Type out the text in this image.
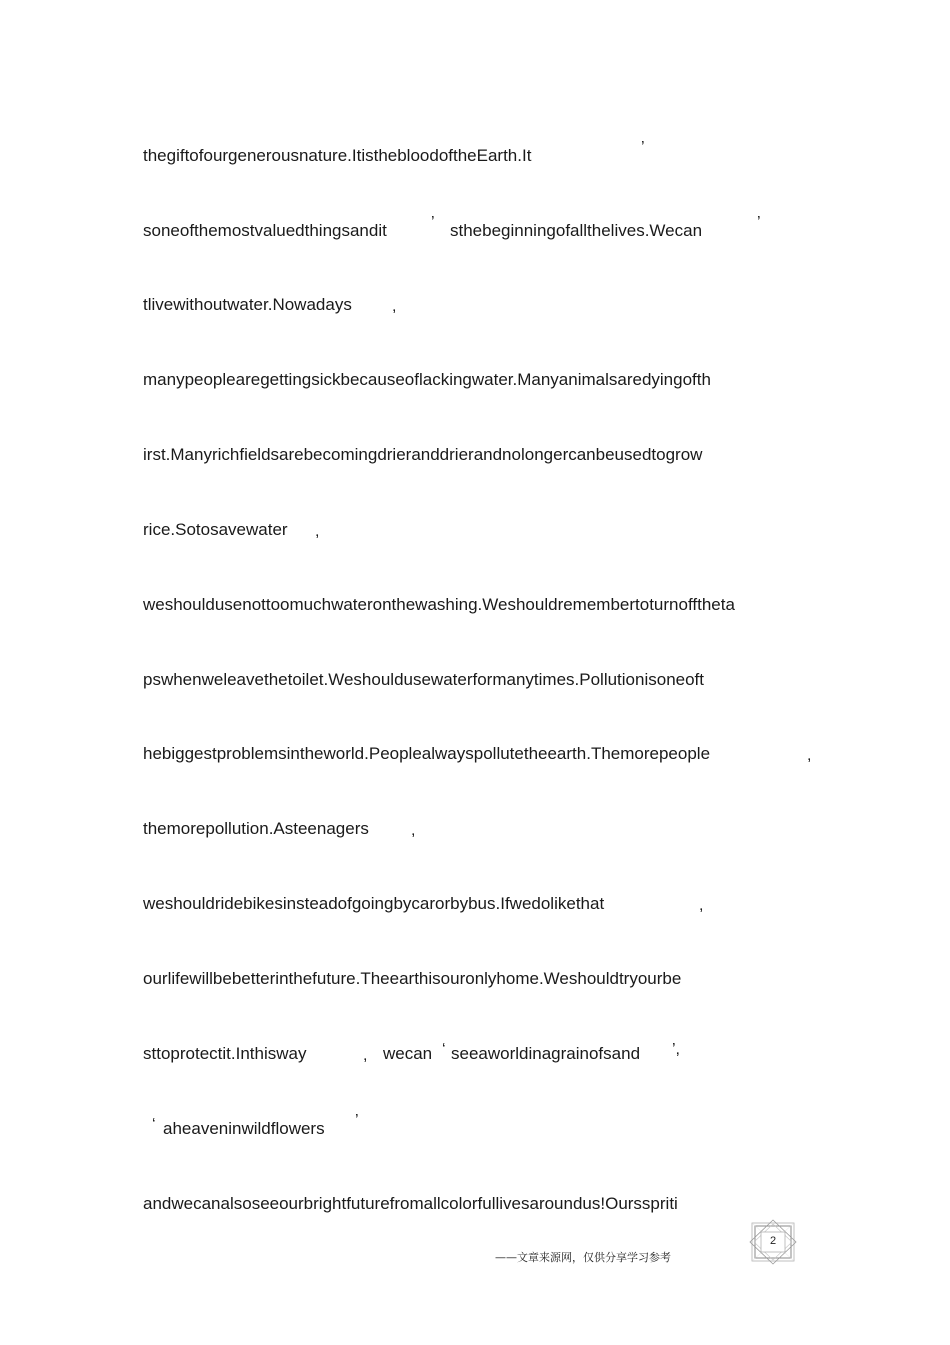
thegiftofourgenerousnature.ItisthebloodoftheEarth.It	’
soneofthemostvaluedthingsandit	’ sthebeginningofallthelives.Wecan	’
tlivewithoutwater.Nowadays	,
manypeoplearegettingsickbecauseoflackingwater.Manyanimalsaredyingofth
irst.Manyrichfieldsarebecomingdrieranddrierandnolongercanbeusedtogrow
rice.Sotosavewater ,
weshouldusenottoomuchwateronthewashing.Weshouldremembertoturnofftheta
pswhenweleavethetoilet.Weshouldusewaterformanytimes.Pollutionisoneoft
hebiggestproblemsintheworld.Peoplealwayspollutetheearth.Themorepeople	,
themorepollution.Asteenagers	,
weshouldridebikesinsteadofgoingbycarorbybus.Ifwedolikethat	,
ourlifewillbebetterinthefuture.Theearthisouronlyhome.Weshouldtryourbe
sttoprotectit.Inthisway	, wecan ‘ seeaworldinagrainofsand ’,
‘ aheaveninwildflowers ’
andwecanalsoseeourbrightfuturefromallcolorfullivesaroundus!Oursspriti
——文章来源网，仅供分享学习参考
2
